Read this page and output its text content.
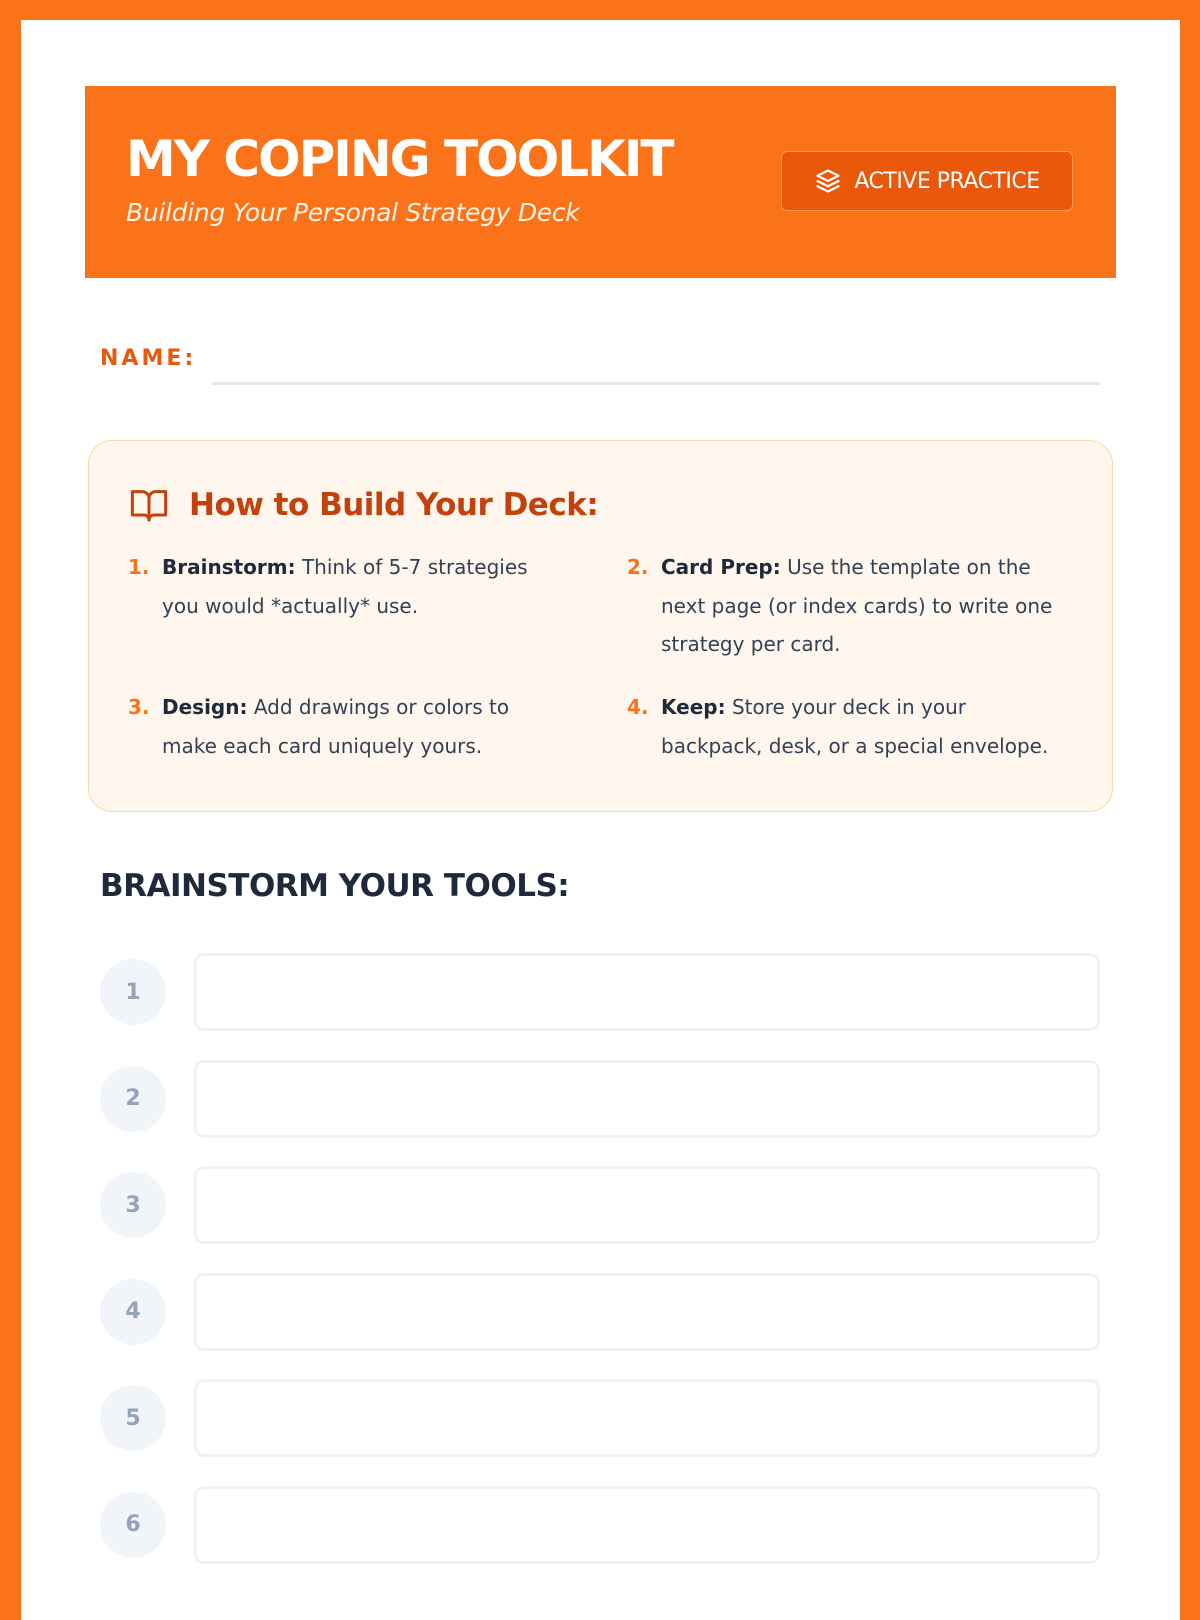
MY COPING TOOLKIT
Building Your Personal Strategy Deck
ACTIVE PRACTICE
NAME:
How to Build Your Deck:
1. Brainstorm: Think of 5-7 strategies you would *actually* use.
2. Card Prep: Use the template on the next page (or index cards) to write one strategy per card.
3. Design: Add drawings or colors to make each card uniquely yours.
4. Keep: Store your deck in your backpack, desk, or a special envelope.
BRAINSTORM YOUR TOOLS:
1
2
3
4
5
6
